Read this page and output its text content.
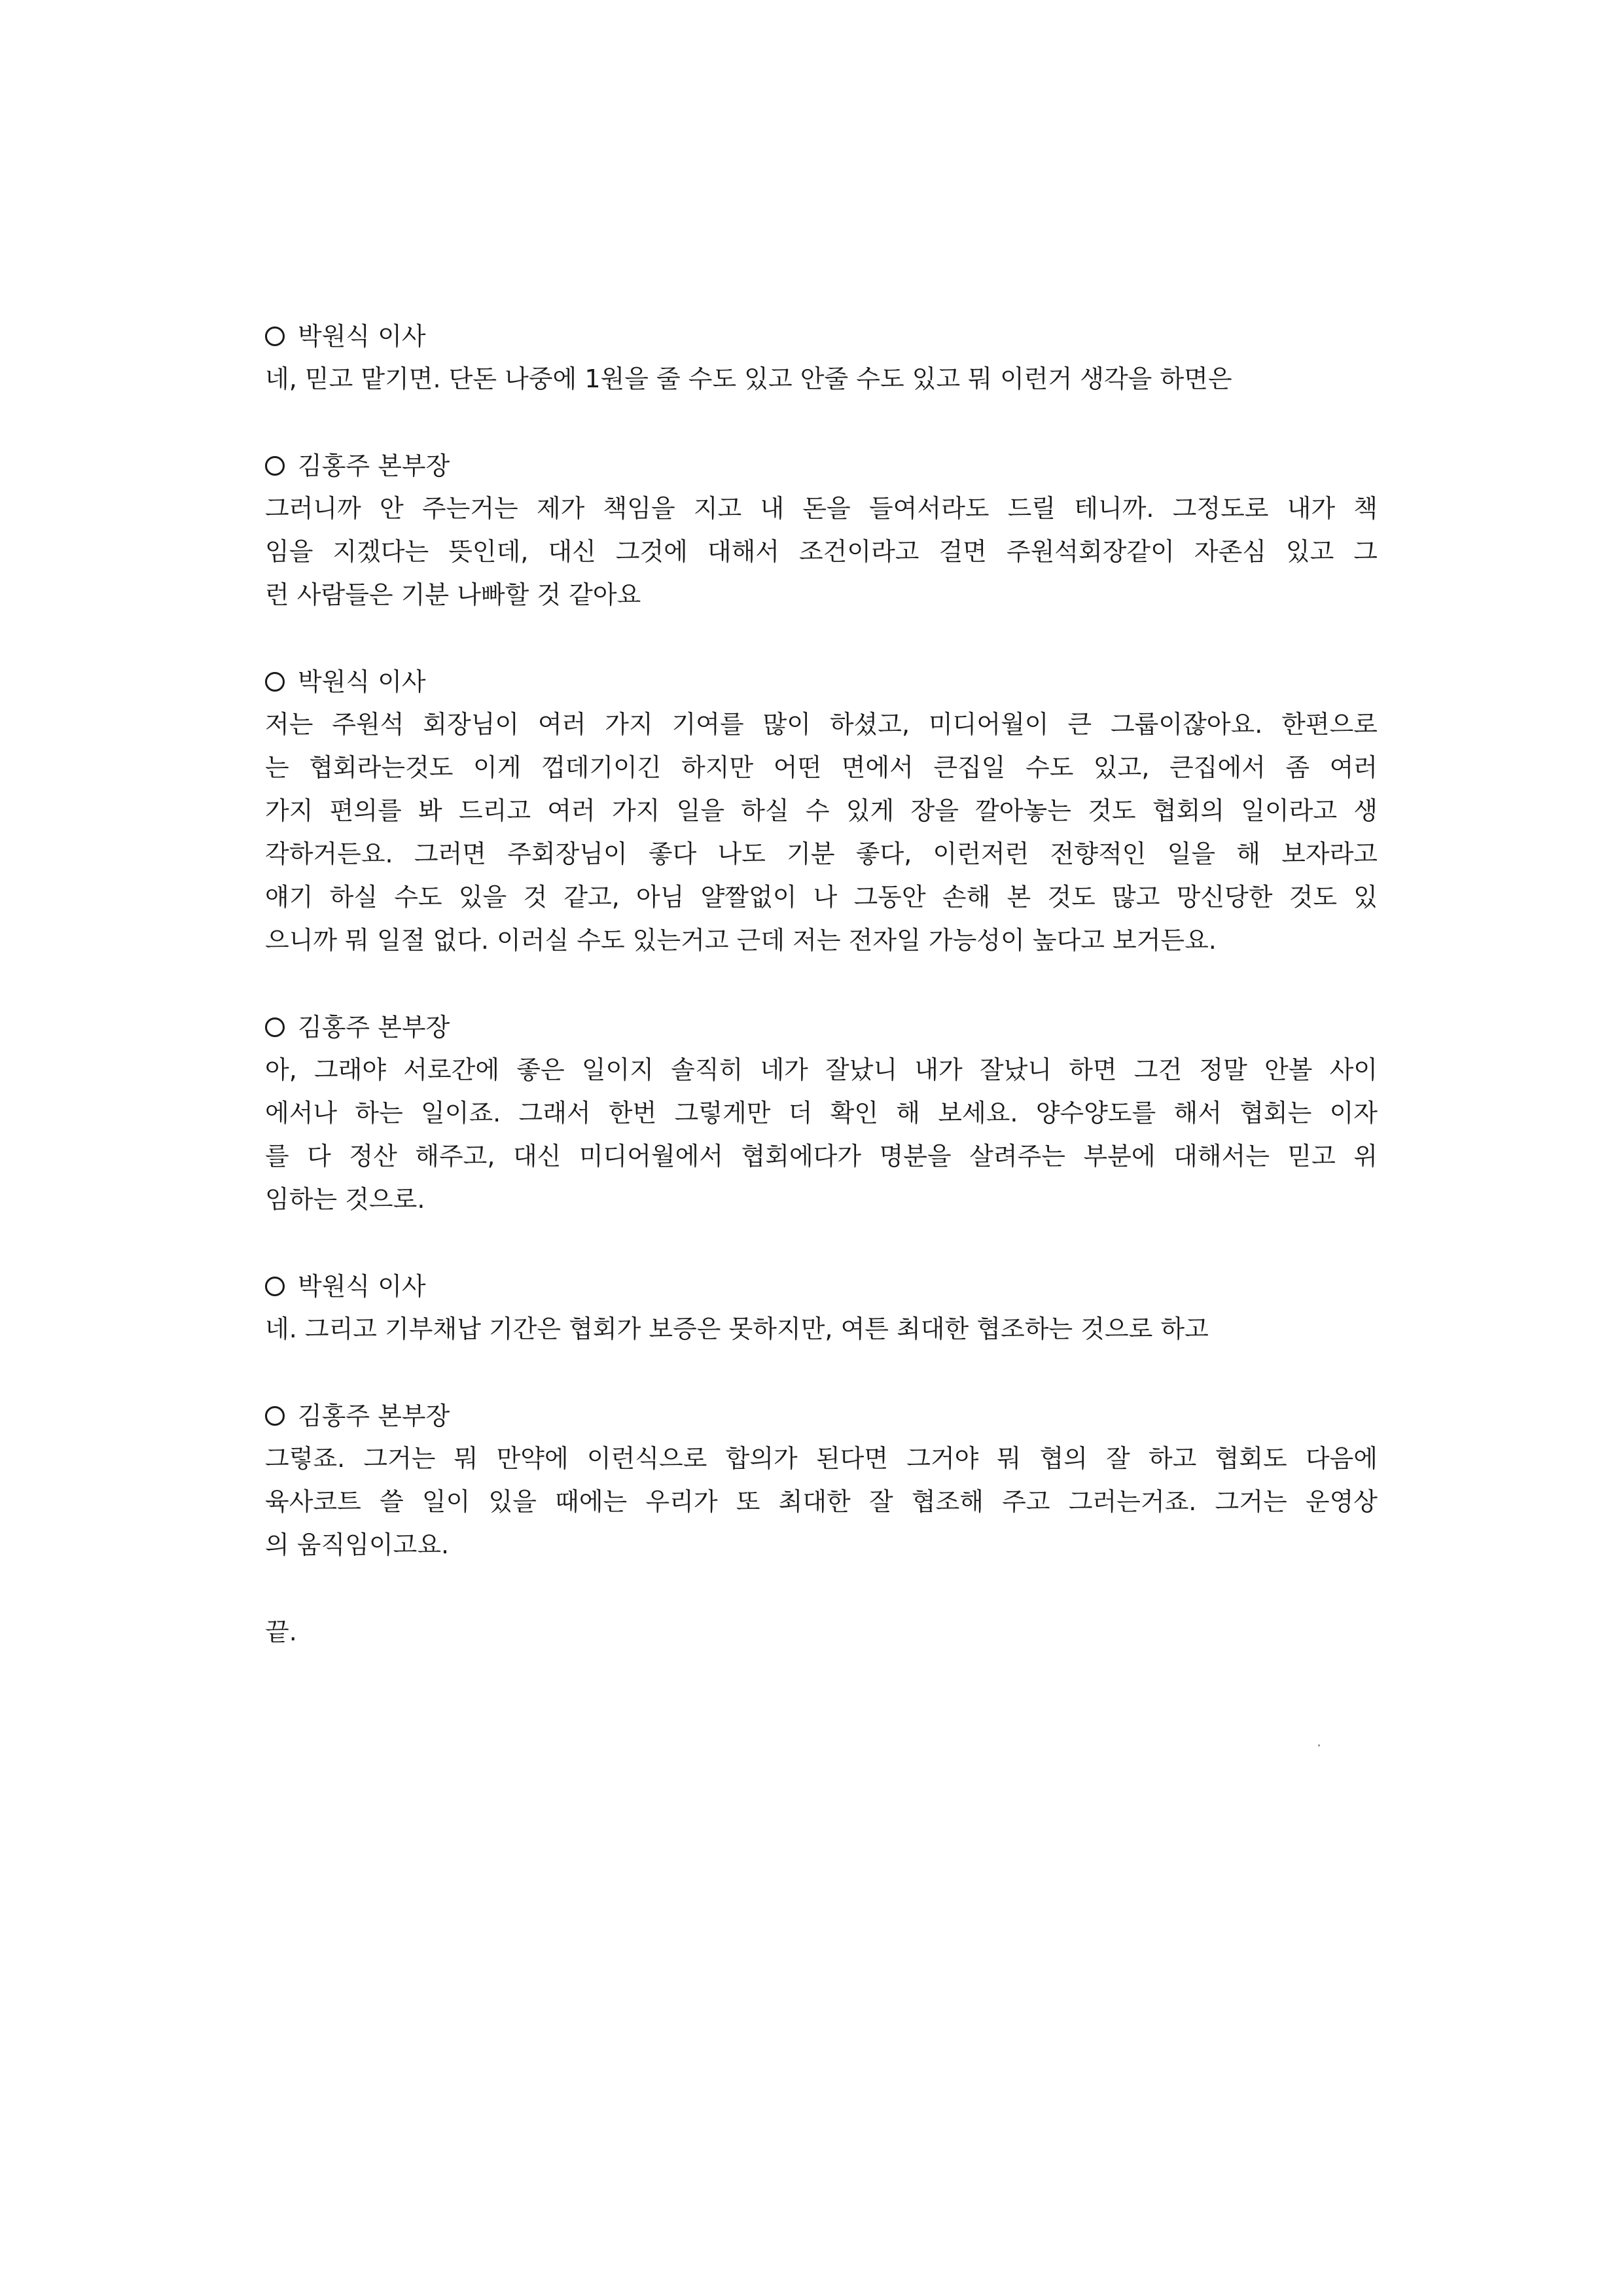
박원식 이사
네, 믿고 맡기면. 단돈 나중에 1원을 줄 수도 있고 안줄 수도 있고 뭐 이런거 생각을 하면은
김홍주 본부장
그러니까 안 주는거는 제가 책임을 지고 내 돈을 들여서라도 드릴 테니까. 그정도로 내가 책
임을 지겠다는 뜻인데, 대신 그것에 대해서 조건이라고 걸면 주원석회장같이 자존심 있고 그
런 사람들은 기분 나빠할 것 같아요
박원식 이사
저는 주원석 회장님이 여러 가지 기여를 많이 하셨고, 미디어월이 큰 그룹이잖아요. 한편으로
는 협회라는것도 이게 껍데기이긴 하지만 어떤 면에서 큰집일 수도 있고, 큰집에서 좀 여러
가지 편의를 봐 드리고 여러 가지 일을 하실 수 있게 장을 깔아놓는 것도 협회의 일이라고 생
각하거든요. 그러면 주회장님이 좋다 나도 기분 좋다, 이런저런 전향적인 일을 해 보자라고
얘기 하실 수도 있을 것 같고, 아님 얄짤없이 나 그동안 손해 본 것도 많고 망신당한 것도 있
으니까 뭐 일절 없다. 이러실 수도 있는거고 근데 저는 전자일 가능성이 높다고 보거든요.
김홍주 본부장
아, 그래야 서로간에 좋은 일이지 솔직히 네가 잘났니 내가 잘났니 하면 그건 정말 안볼 사이
에서나 하는 일이죠. 그래서 한번 그렇게만 더 확인 해 보세요. 양수양도를 해서 협회는 이자
를 다 정산 해주고, 대신 미디어월에서 협회에다가 명분을 살려주는 부분에 대해서는 믿고 위
임하는 것으로.
박원식 이사
네. 그리고 기부채납 기간은 협회가 보증은 못하지만, 여튼 최대한 협조하는 것으로 하고
김홍주 본부장
그렇죠. 그거는 뭐 만약에 이런식으로 합의가 된다면 그거야 뭐 협의 잘 하고 협회도 다음에
육사코트 쓸 일이 있을 때에는 우리가 또 최대한 잘 협조해 주고 그러는거죠. 그거는 운영상
의 움직임이고요.
끝.
